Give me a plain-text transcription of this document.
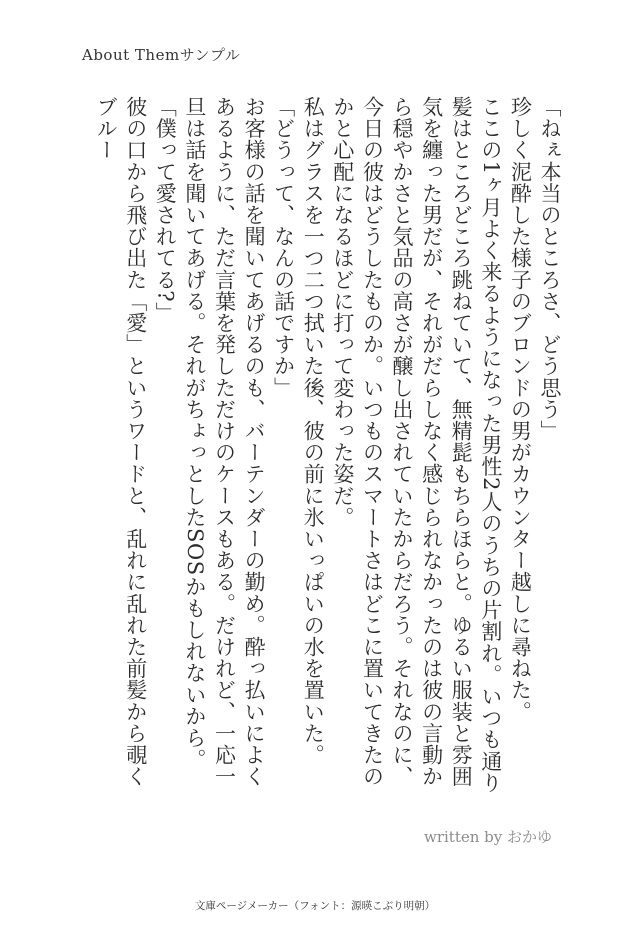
About Themサンプル

「ねぇ本当のところさ、どう思う」

珍しく泥酔した様子のブロンドの男がカウンター越しに尋ねた。

ここの1ヶ月よく来るようになった男性2人のうちの片割れ。いつも通り髪はところどころ跳ねていて、無精髭もちらほらと。ゆるい服装と雰囲気を纏った男だが、それがだらしなく感じられなかったのは彼の言動から穏やかさと気品の高さが醸し出されていたからだろう。それなのに、今日の彼はどうしたものか。いつものスマートさはどこに置いてきたのかと心配になるほどに打って変わった姿だ。

私はグラスを一つ二つ拭いた後、彼の前に氷いっぱいの水を置いた。

「どうって、なんの話ですか」

お客様の話を聞いてあげるのも、バーテンダーの勤め。酔っ払いによくあるように、ただ言葉を発しただけのケースもある。だけれど、一応一旦は話を聞いてあげる。それがちょっとしたSOSかもしれないから。

「僕って愛されてる?」

彼の口から飛び出た「愛」というワードと、乱れに乱れた前髪から覗くブルー

written by おかゆ
文庫ページメーカー（フォント：源暎こぶり明朝）
